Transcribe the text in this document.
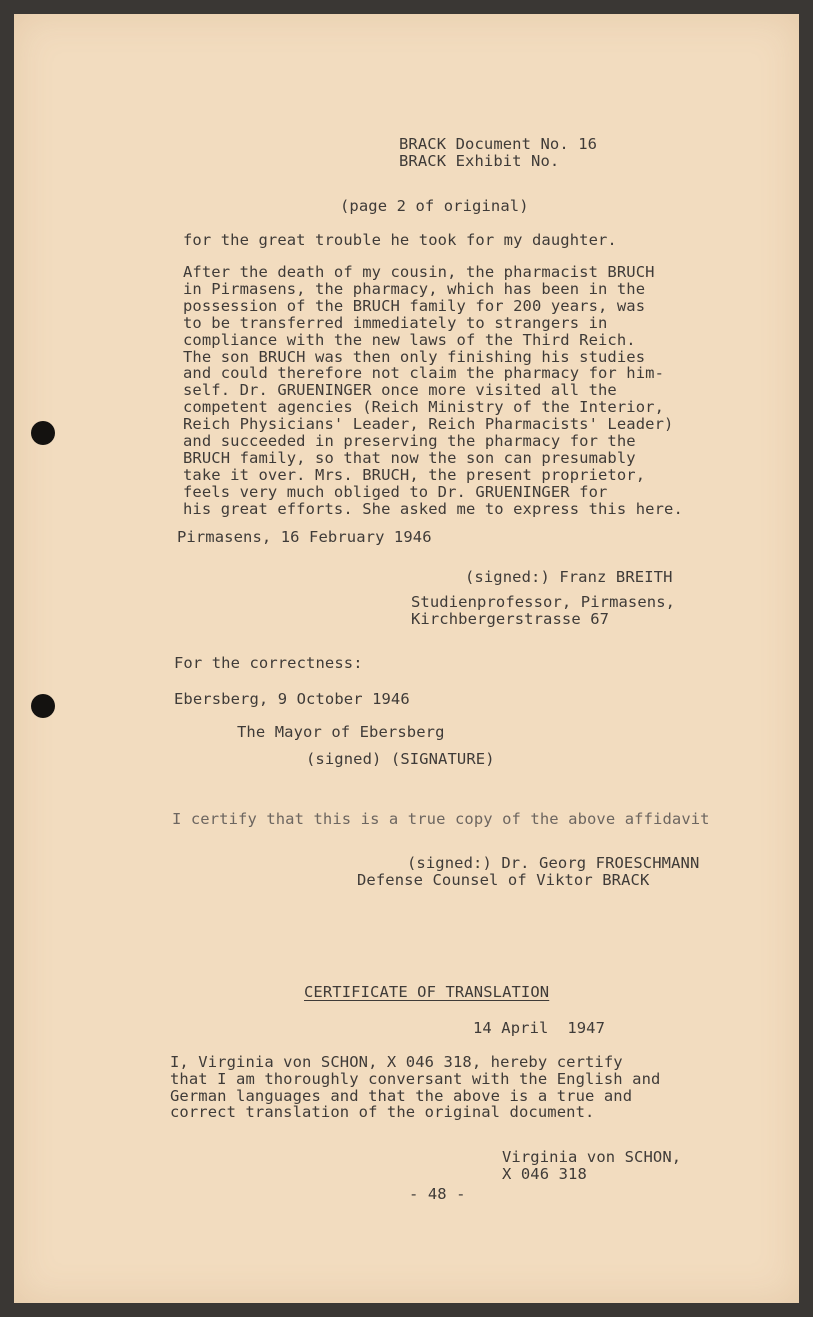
BRACK Document No. 16

BRACK Exhibit No.

(page 2 of original)

for the great trouble he took for my daughter.

After the death of my cousin, the pharmacist BRUCH
in Pirmasens, the pharmacy, which has been in the
possession of the BRUCH family for 200 years, was
to be transferred immediately to strangers in
compliance with the new laws of the Third Reich.
The son BRUCH was then only finishing his studies
and could therefore not claim the pharmacy for him-
self. Dr. GRUENINGER once more visited all the
competent agencies (Reich Ministry of the Interior,
Reich Physicians' Leader, Reich Pharmacists' Leader)
and succeeded in preserving the pharmacy for the
BRUCH family, so that now the son can presumably
take it over. Mrs. BRUCH, the present proprietor,
feels very much obliged to Dr. GRUENINGER for
his great efforts. She asked me to express this here.

Pirmasens, 16 February 1946

(signed:) Franz BREITH

Studienprofessor, Pirmasens,

Kirchbergerstrasse 67

For the correctness:

Ebersberg, 9 October 1946

The Mayor of Ebersberg

(signed) (SIGNATURE)

I certify that this is a true copy of the above affidavit

(signed:) Dr. Georg FROESCHMANN

Defense Counsel of Viktor BRACK

CERTIFICATE OF TRANSLATION

14 April  1947

I, Virginia von SCHON, X 046 318, hereby certify
that I am thoroughly conversant with the English and
German languages and that the above is a true and
correct translation of the original document.

Virginia von SCHON,

X 046 318

- 48 -
